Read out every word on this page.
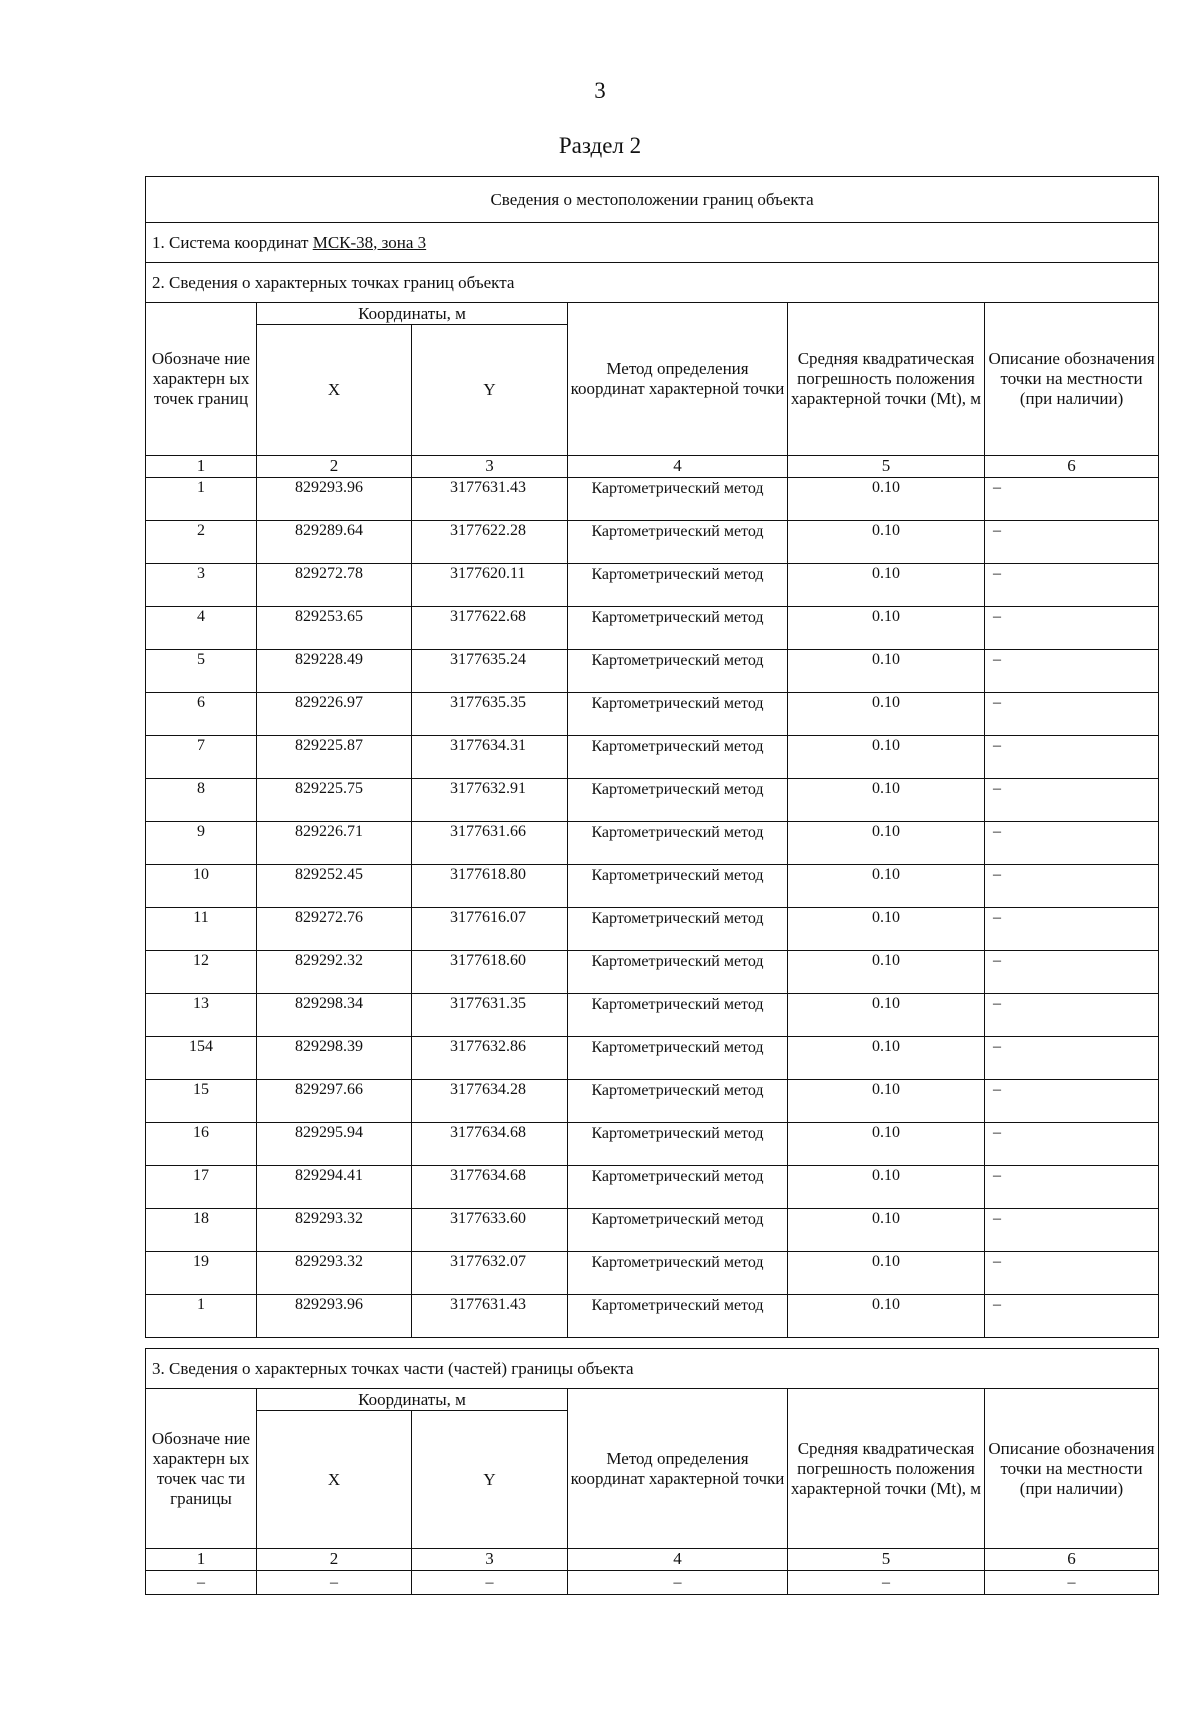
3
Раздел 2
Сведения о местоположении границ объекта					
1. Система координат МСК-38, зона 3					
2. Сведения о характерных точках границ объекта					
Обозначе ние характерн ых точек границ	Координаты, м		Метод определения координат характерной точки	Средняя квадратическая погрешность положения характерной точки (Mt), м	Описание обозначения точки на местности (при наличии)
	X	Y			
1	2	3	4	5	6
1	829293.96	3177631.43	Картометрический метод	0.10	–
2	829289.64	3177622.28	Картометрический метод	0.10	–
3	829272.78	3177620.11	Картометрический метод	0.10	–
4	829253.65	3177622.68	Картометрический метод	0.10	–
5	829228.49	3177635.24	Картометрический метод	0.10	–
6	829226.97	3177635.35	Картометрический метод	0.10	–
7	829225.87	3177634.31	Картометрический метод	0.10	–
8	829225.75	3177632.91	Картометрический метод	0.10	–
9	829226.71	3177631.66	Картометрический метод	0.10	–
10	829252.45	3177618.80	Картометрический метод	0.10	–
11	829272.76	3177616.07	Картометрический метод	0.10	–
12	829292.32	3177618.60	Картометрический метод	0.10	–
13	829298.34	3177631.35	Картометрический метод	0.10	–
154	829298.39	3177632.86	Картометрический метод	0.10	–
15	829297.66	3177634.28	Картометрический метод	0.10	–
16	829295.94	3177634.68	Картометрический метод	0.10	–
17	829294.41	3177634.68	Картометрический метод	0.10	–
18	829293.32	3177633.60	Картометрический метод	0.10	–
19	829293.32	3177632.07	Картометрический метод	0.10	–
1	829293.96	3177631.43	Картометрический метод	0.10	–
3. Сведения о характерных точках части (частей) границы объекта					
Обозначе ние характерн ых точек час ти границы	Координаты, м		Метод определения координат характерной точки	Средняя квадратическая погрешность положения характерной точки (Mt), м	Описание обозначения точки на местности (при наличии)
	X	Y			
1	2	3	4	5	6
–	–	–	–	–	–
